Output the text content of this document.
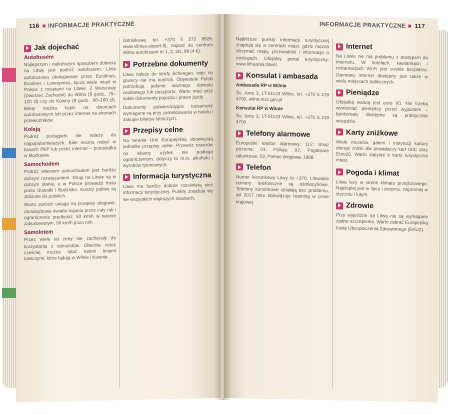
116 ■ INFORMACJE PRAKTYCZNE
Jak dojechać
Autobusem

Najlepszym i najtańszym sposobem dotarcia na Litwę jest podróż autobusem. Linia autobusowa obsługiwane przez Eurolines, Ecolines i Luxexpress, łączą wiele miast w Polsce z miastami na Litwie. Z Warszawy (Dworzec Zachodni) do Wilna (8 godz., 75–120 zł) czy do Kowna (8 godz., 66–160 zł). Bilety można kupić na dworcach autobusowych lub przez internet na stronach przewoźników.

Koleją

Podróż pociągiem nie należy do najpopularniejszych. Bilet można nabyć w kasach PKP lub przez internet – przesiadka w Mockawie.

Samochodem

Podróż własnym samochodem jest bardzo dobrym rozwiązaniem. Drogi na Litwie są w dobrym stanie, a w Polsce prowadzi trasa przez Suwałki i Budzisko. Koszty paliwa są zbliżone do polskich.

Warto zwrócić uwagę na przepisy drogowe, obowiązkowe światła mijania przez cały rok i ograniczenia prędkości: 50 km/h w terenie zabudowanym, 90 km/h poza nim.

Samolotem

Przez wiele lat ceny nie zachęcały do korzystania z samolotów. Obecnie coraz częściej można latać tanimi liniami lotniczymi, które lądują w Wilnie i Kownie.

(lotniskowe, tel. +370 5 273 8828, www.vilnius-airport.lt), dojazd do centrum Wilna autobusem nr 1, 2, 3G, 88 (4 €).

Potrzebne dokumenty

Litwa należy do strefy Schengen, więc na granicy nie ma kontroli. Obywatele Polski potrzebują jedynie ważnego dowodu osobistego lub paszportu. Warto mieć przy sobie dokumenty pojazdu i prawo jazdy.

Dokumenty potwierdzające tożsamość wymagane są przy zameldowaniu w hotelu i zakupie biletów lotniczych.

Przepisy celne

Na terenie Unii Europejskiej obowiązują jednolite przepisy celne. Przewóz towarów na własny użytek nie podlega ograniczeniom, dotyczy to m.in. alkoholu i wyrobów tytoniowych.

Informacja turystyczna

Litwa ma bardzo dobrze rozwiniętą sieć informacji turystycznej. Punkty znajdują się we wszystkich większych miastach.

INFORMACJE PRAKTYCZNE ■ 117

Najbliższe punkty informacji turystycznej znajdują się w centrach miast, gdzie można otrzymać mapy, przewodniki i informacje o noclegach. Oficjalny portal turystyczny: www.lithuania.travel.

Konsulat i ambasada

Ambasada RP w Wilnie

Šv. Jono 3, LT-01123 Wilno, tel. +370 5 219 4700, wilno.msz.gov.pl

Konsulat RP w Wilnie

Šv. Jono 3, LT-01123 Wilno, tel. +370 5 219 4700

Telefony alarmowe

Europejski telefon alarmowy: 112; Straż pożarna: 01; Policja: 02; Pogotowie ratunkowe: 03; Pomoc drogowa: 1888

Telefon

Numer kierunkowy Litwy to +370. Litewskie numery telefoniczne są ośmiocyfrowe. Telefony komórkowe działają bez problemu, od 2017 roku obowiązuje roaming w cenie krajowej.

Internet

Na Litwie nie ma problemu z dostępem do internetu. W hotelach, kawiarniach i restauracjach Wi-Fi jest zwykle bezpłatne. Darmowy internet dostępny jest także w wielu miejscach publicznych.

Pieniądze

Oficjalną walutą jest euro (€). Nie trzeba wymieniać pieniędzy przed wyjazdem – bankomaty dostępne są praktycznie wszędzie.

Karty zniżkowe

Wiele muzeów, galerii i instytucji kultury oferuje zniżki dla posiadaczy kart ISIC oraz Euro26. Warto zapytać o karty turystyczne miast.

Pogoda i klimat

Litwa leży w strefie klimatu przejściowego. Najcieplej jest w lipcu i sierpniu, najzimniej w styczniu i lutym.

Zdrowie

Przy wyjeździe na Litwę nie są wymagane żadne szczepienia. Warto zabrać Europejską Kartę Ubezpieczenia Zdrowotnego (EKUZ).
